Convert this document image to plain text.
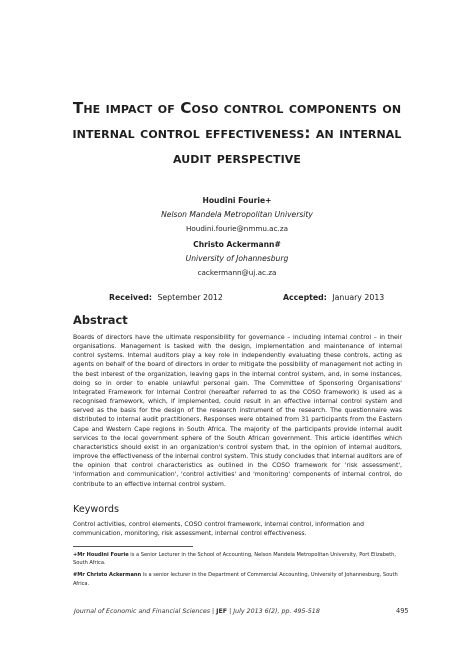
The impact of Coso control components on internal control effectiveness: an internal audit perspective
Houdini Fourie+
Nelson Mandela Metropolitan University
Houdini.fourie@nmmu.ac.za
Christo Ackermann#
University of Johannesburg
cackermann@uj.ac.za
Received: September 2012	Accepted: January 2013
Abstract
Boards of directors have the ultimate responsibility for governance – including internal control – in their organisations. Management is tasked with the design, implementation and maintenance of internal control systems. Internal auditors play a key role in independently evaluating these controls, acting as agents on behalf of the board of directors in order to mitigate the possibility of management not acting in the best interest of the organization, leaving gaps in the internal control system, and, in some instances, doing so in order to enable unlawful personal gain. The Committee of Sponsoring Organisations' Integrated Framework for Internal Control (hereafter referred to as the COSO framework) is used as a recognised framework, which, if implemented, could result in an effective internal control system and served as the basis for the design of the research instrument of the research. The questionnaire was distributed to internal audit practitioners. Responses were obtained from 31 participants from the Eastern Cape and Western Cape regions in South Africa. The majority of the participants provide internal audit services to the local government sphere of the South African government. This article identifies which characteristics should exist in an organization's control system that, in the opinion of internal auditors, improve the effectiveness of the internal control system. This study concludes that internal auditors are of the opinion that control characteristics as outlined in the COSO framework for 'risk assessment', 'information and communication', 'control activities' and 'monitoring' components of internal control, do contribute to an effective internal control system.
Keywords
Control activities, control elements, COSO control framework, internal control, information and communication, monitoring, risk assessment, internal control effectiveness.
+Mr Houdini Fourie is a Senior Lecturer in the School of Accounting, Nelson Mandela Metropolitan University, Port Elizabeth, South Africa.
#Mr Christo Ackermann is a senior lecturer in the Department of Commercial Accounting, University of Johannesburg, South Africa.
Journal of Economic and Financial Sciences | JEF | July 2013 6(2), pp. 495-518	495
